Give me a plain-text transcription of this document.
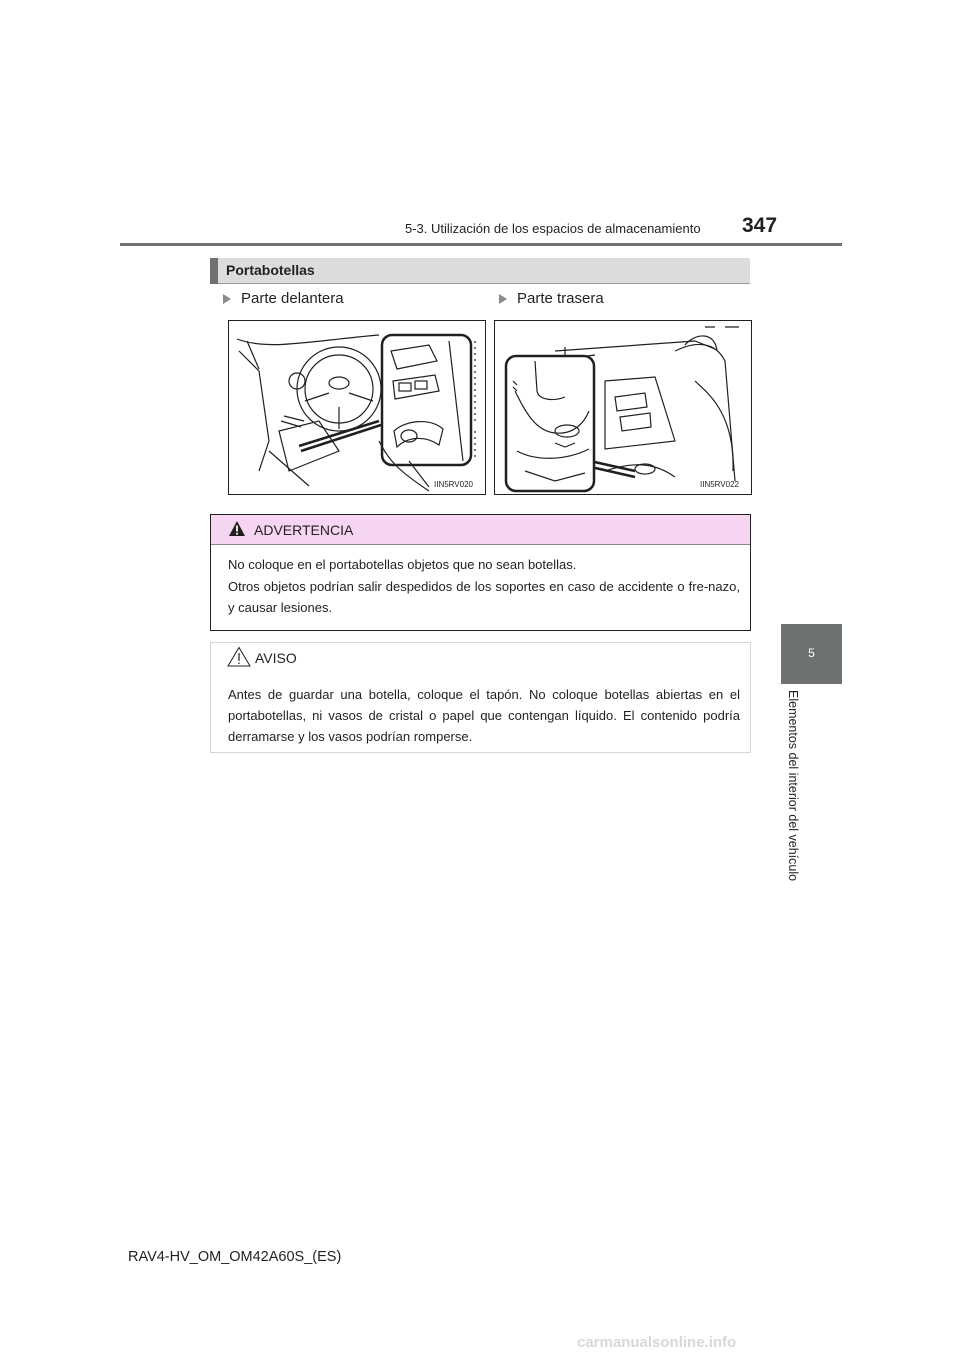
5-3. Utilización de los espacios de almacenamiento 347
5
Elementos del interior del vehículo
Portabotellas
Parte delantera	Parte trasera
IIN5RV020	IIN5RV022
ADVERTENCIA
No coloque en el portabotellas objetos que no sean botellas.
Otros objetos podrían salir despedidos de los soportes en caso de accidente o fre-nazo, y causar lesiones.
AVISO
Antes de guardar una botella, coloque el tapón. No coloque botellas abiertas en el portabotellas, ni vasos de cristal o papel que contengan líquido. El contenido podría derramarse y los vasos podrían romperse.
RAV4-HV_OM_OM42A60S_(ES)
carmanualsonline.info
